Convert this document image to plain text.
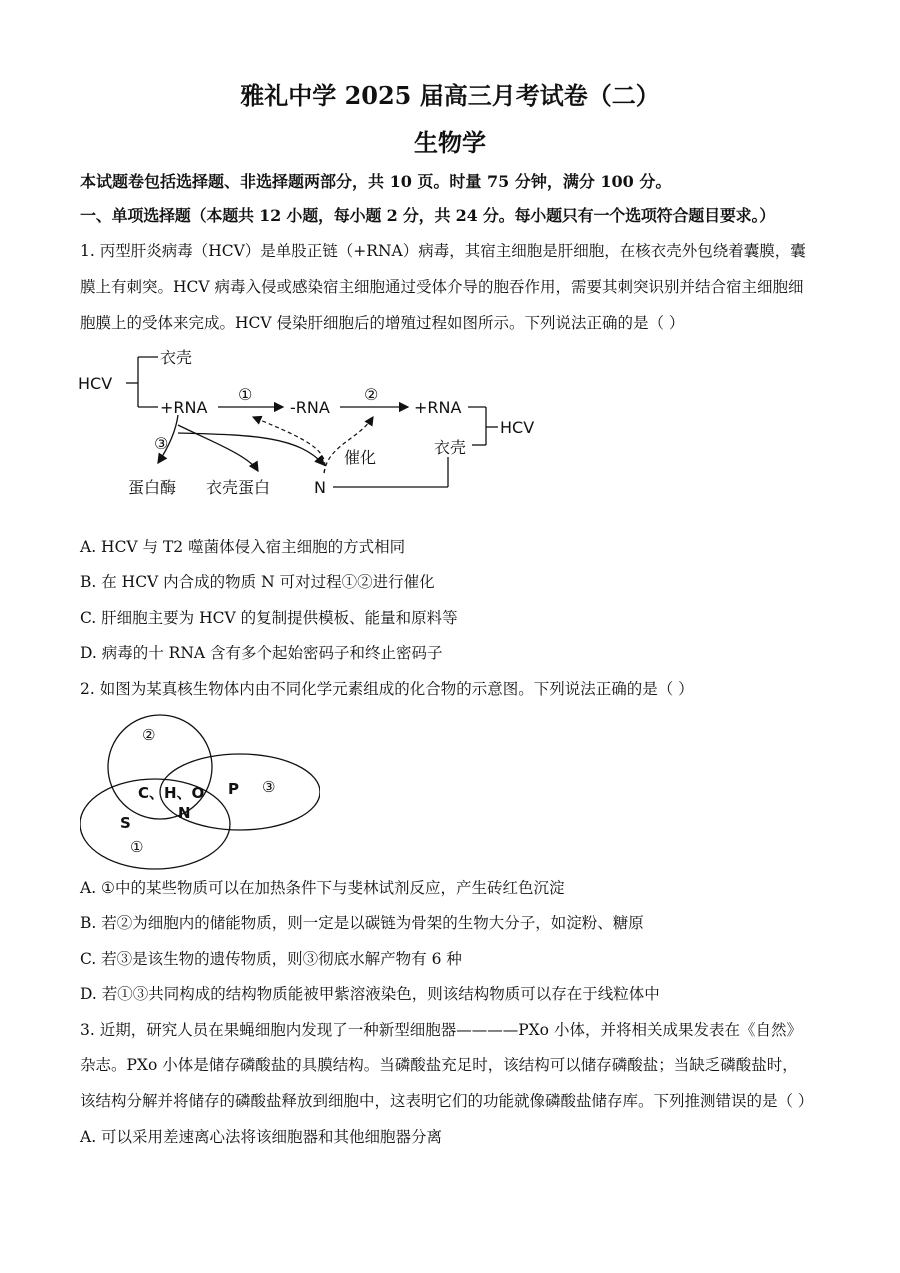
雅礼中学 2025 届高三月考试卷（二）
生物学
本试题卷包括选择题、非选择题两部分，共 10 页。时量 75 分钟，满分 100 分。
一、单项选择题（本题共 12 小题，每小题 2 分，共 24 分。每小题只有一个选项符合题目要求。）
1. 丙型肝炎病毒（HCV）是单股正链（+RNA）病毒，其宿主细胞是肝细胞，在核衣壳外包绕着囊膜，囊
膜上有刺突。HCV 病毒入侵或感染宿主细胞通过受体介导的胞吞作用，需要其刺突识别并结合宿主细胞细
胞膜上的受体来完成。HCV 侵染肝细胞后的增殖过程如图所示。下列说法正确的是（ ）
HCV
衣壳
+RNA
①
-RNA
②
+RNA
HCV
衣壳
催化
③
蛋白酶 衣壳蛋白	N
A. HCV 与 T2 噬菌体侵入宿主细胞的方式相同
B. 在 HCV 内合成的物质 N 可对过程①②进行催化
C. 肝细胞主要为 HCV 的复制提供模板、能量和原料等
D. 病毒的十 RNA 含有多个起始密码子和终止密码子
2. 如图为某真核生物体内由不同化学元素组成的化合物的示意图。下列说法正确的是（ ）
②
③
①
C、H、O
N
P
S
A. ①中的某些物质可以在加热条件下与斐林试剂反应，产生砖红色沉淀
B. 若②为细胞内的储能物质，则一定是以碳链为骨架的生物大分子，如淀粉、糖原
C. 若③是该生物的遗传物质，则③彻底水解产物有 6 种
D. 若①③共同构成的结构物质能被甲紫溶液染色，则该结构物质可以存在于线粒体中
3. 近期，研究人员在果蝇细胞内发现了一种新型细胞器————PXo 小体，并将相关成果发表在《自然》
杂志。PXo 小体是储存磷酸盐的具膜结构。当磷酸盐充足时，该结构可以储存磷酸盐；当缺乏磷酸盐时，
该结构分解并将储存的磷酸盐释放到细胞中，这表明它们的功能就像磷酸盐储存库。下列推测错误的是（ ）
A. 可以采用差速离心法将该细胞器和其他细胞器分离
